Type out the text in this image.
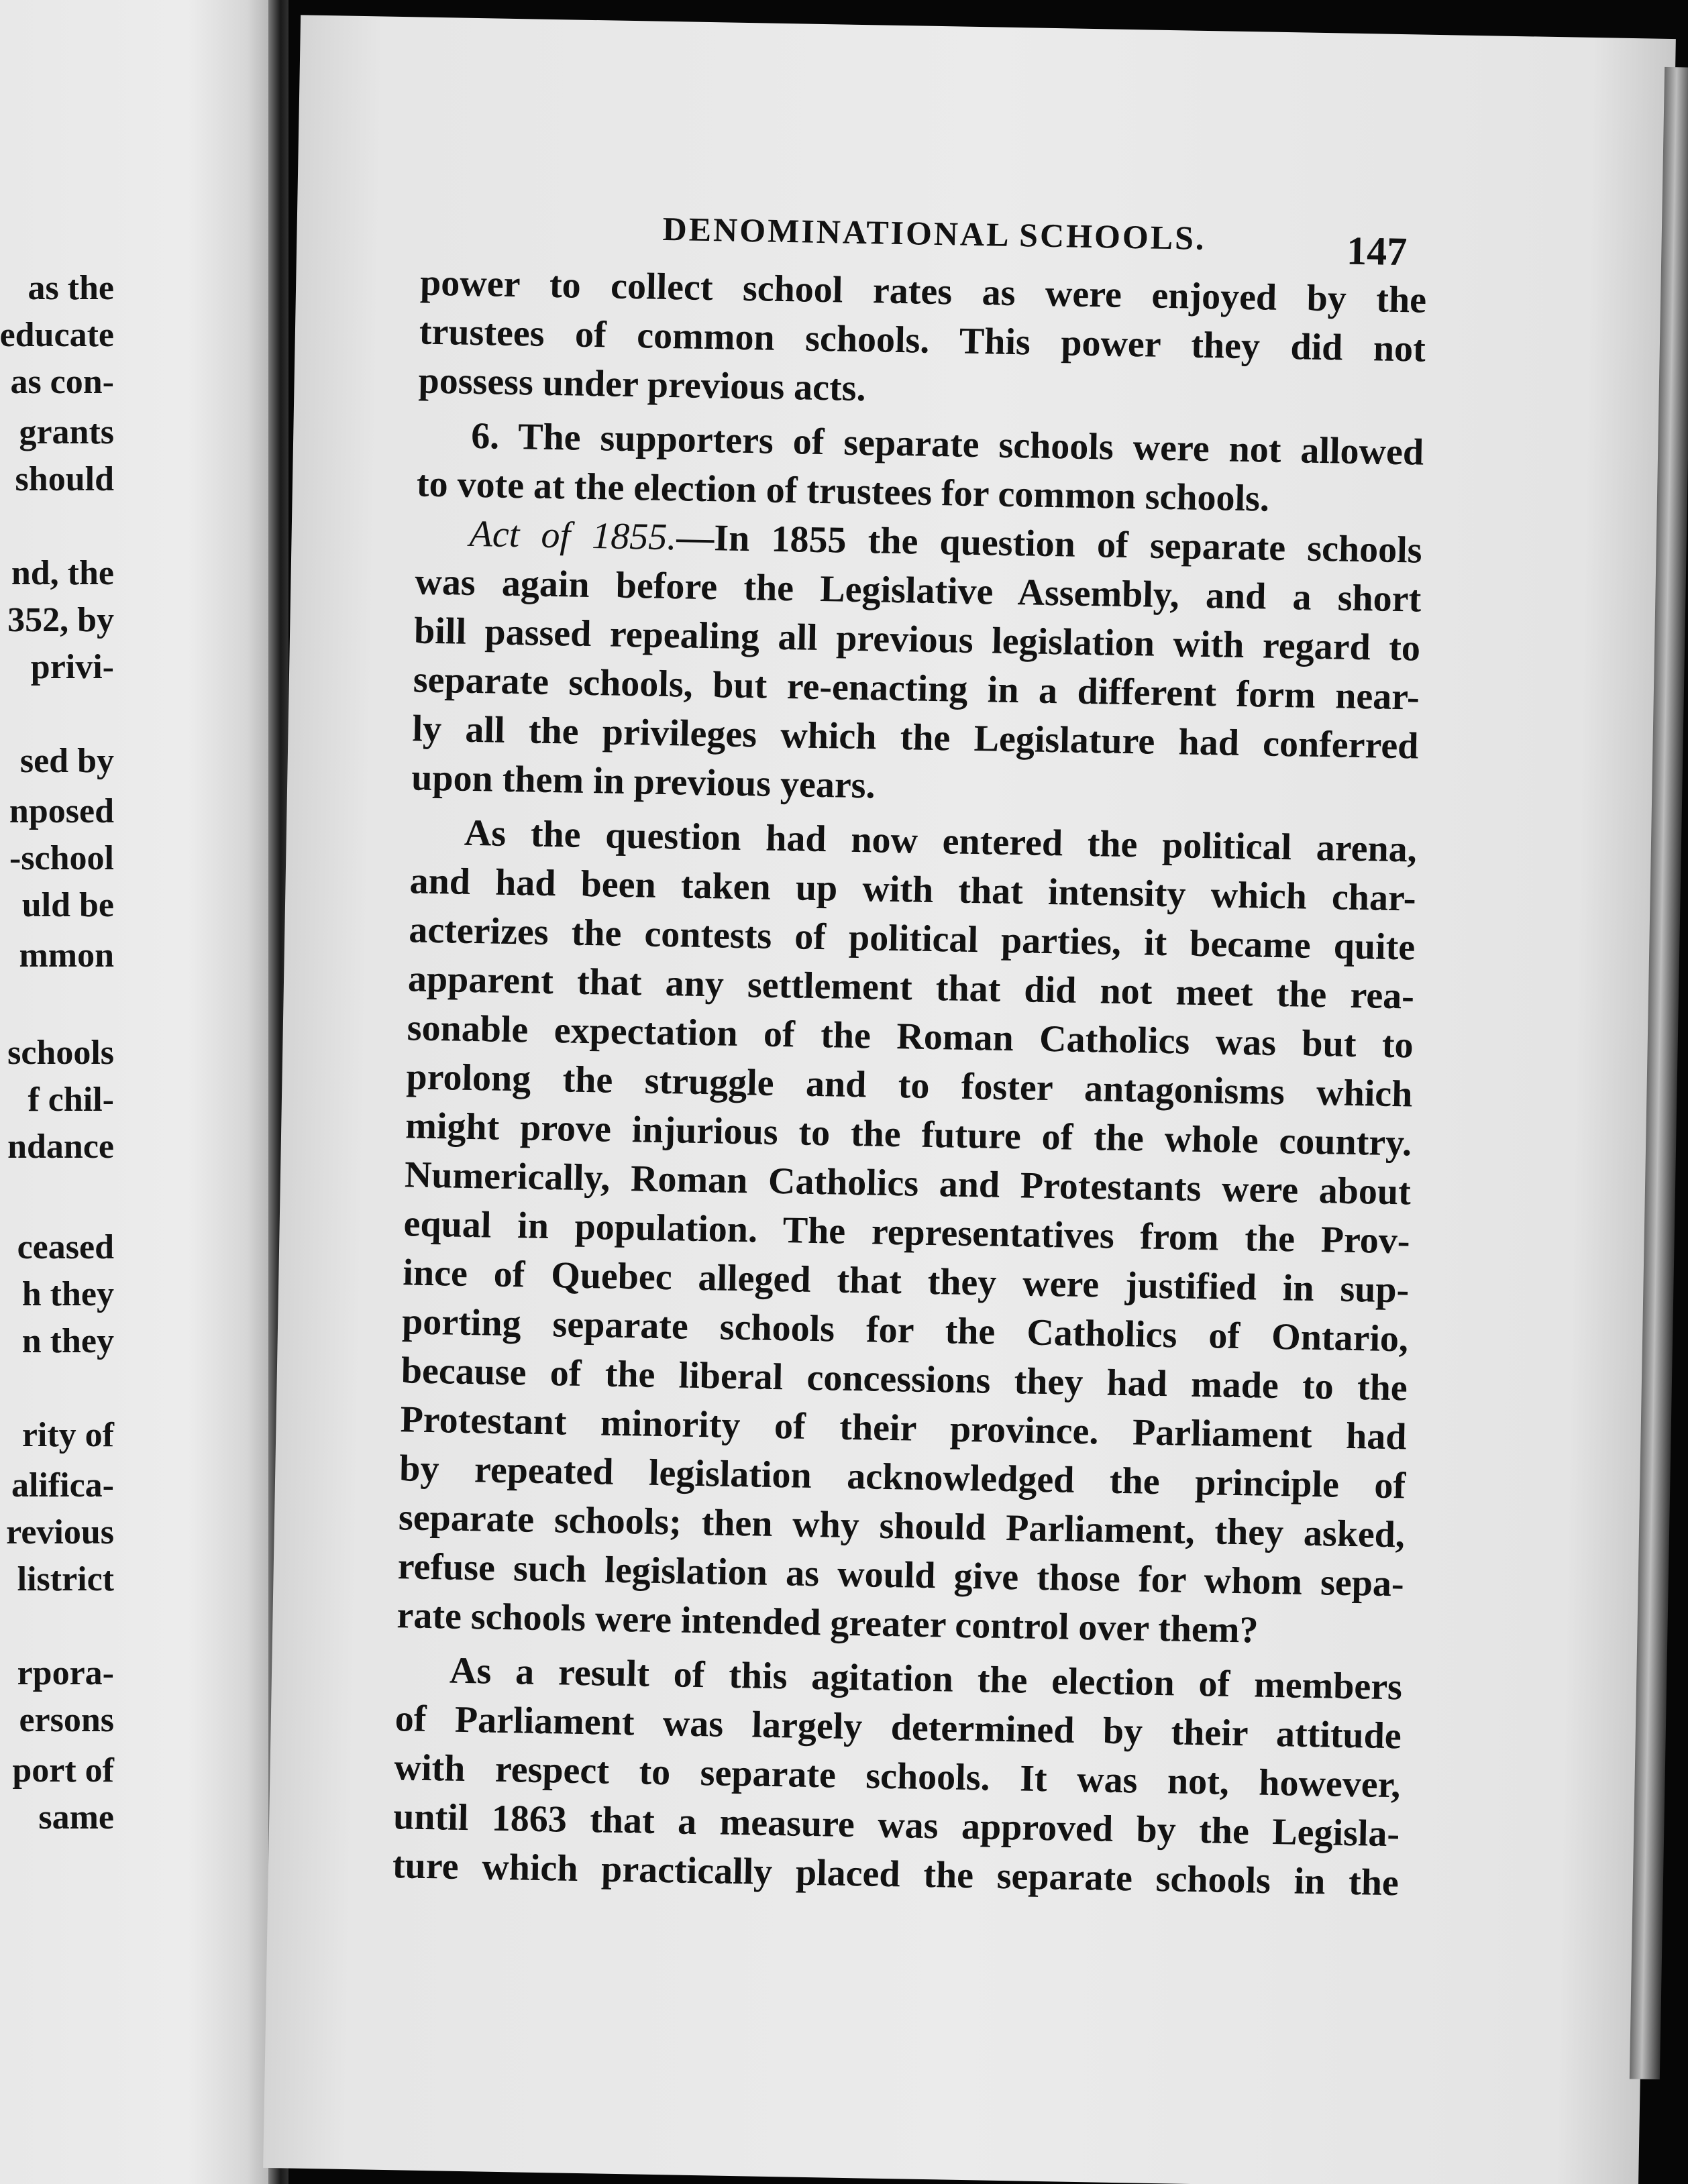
as the
educate
as con-
grants
should
nd, the
352, by
privi-
sed by
nposed
-school
uld be
mmon
schools
f chil-
ndance
ceased
h they
n they
rity of
alifica-
revious
listrict
rpora-
ersons
port of
same
DENOMINATIONAL SCHOOLS.	147
power to collect school rates as were enjoyed by the
trustees of common schools. This power they did not
possess under previous acts.
6. The supporters of separate schools were not allowed
to vote at the election of trustees for common schools.
Act of 1855.—In 1855 the question of separate schools
was again before the Legislative Assembly, and a short
bill passed repealing all previous legislation with regard to
separate schools, but re-enacting in a different form near-
ly all the privileges which the Legislature had conferred
upon them in previous years.
As the question had now entered the political arena,
and had been taken up with that intensity which char-
acterizes the contests of political parties, it became quite
apparent that any settlement that did not meet the rea-
sonable expectation of the Roman Catholics was but to
prolong the struggle and to foster antagonisms which
might prove injurious to the future of the whole country.
Numerically, Roman Catholics and Protestants were about
equal in population. The representatives from the Prov-
ince of Quebec alleged that they were justified in sup-
porting separate schools for the Catholics of Ontario,
because of the liberal concessions they had made to the
Protestant minority of their province. Parliament had
by repeated legislation acknowledged the principle of
separate schools; then why should Parliament, they asked,
refuse such legislation as would give those for whom sepa-
rate schools were intended greater control over them?
As a result of this agitation the election of members
of Parliament was largely determined by their attitude
with respect to separate schools. It was not, however,
until 1863 that a measure was approved by the Legisla-
ture which practically placed the separate schools in the
